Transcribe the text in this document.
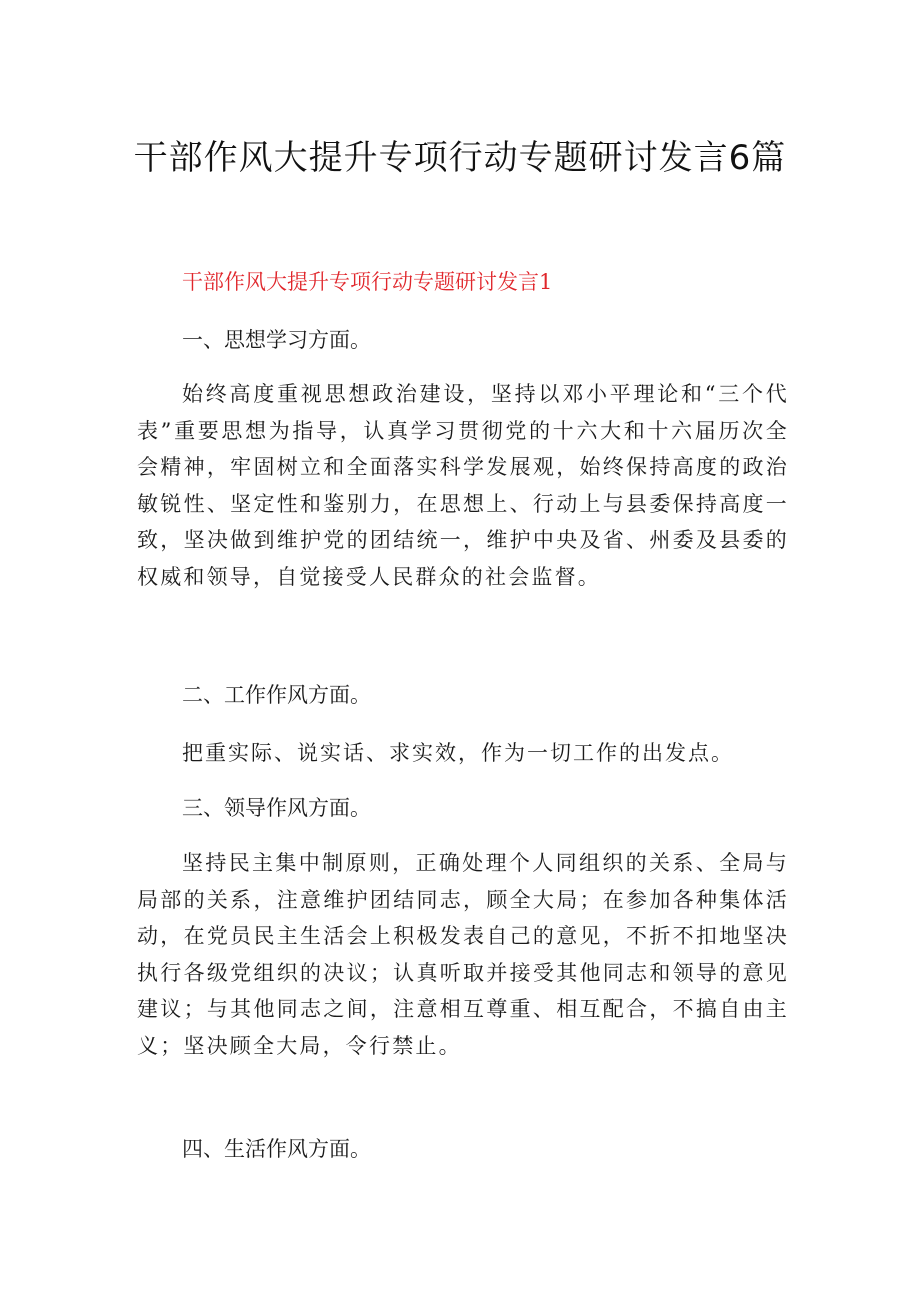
干部作风大提升专项行动专题研讨发言6篇
干部作风大提升专项行动专题研讨发言1
一、思想学习方面。
始终高度重视思想政治建设，坚持以邓小平理论和“三个代表”重要思想为指导，认真学习贯彻党的十六大和十六届历次全会精神，牢固树立和全面落实科学发展观，始终保持高度的政治敏锐性、坚定性和鉴别力，在思想上、行动上与县委保持高度一致，坚决做到维护党的团结统一，维护中央及省、州委及县委的权威和领导，自觉接受人民群众的社会监督。
二、工作作风方面。
把重实际、说实话、求实效，作为一切工作的出发点。
三、领导作风方面。
坚持民主集中制原则，正确处理个人同组织的关系、全局与局部的关系，注意维护团结同志，顾全大局；在参加各种集体活动，在党员民主生活会上积极发表自己的意见，不折不扣地坚决执行各级党组织的决议；认真听取并接受其他同志和领导的意见建议；与其他同志之间，注意相互尊重、相互配合，不搞自由主义；坚决顾全大局，令行禁止。
四、生活作风方面。
